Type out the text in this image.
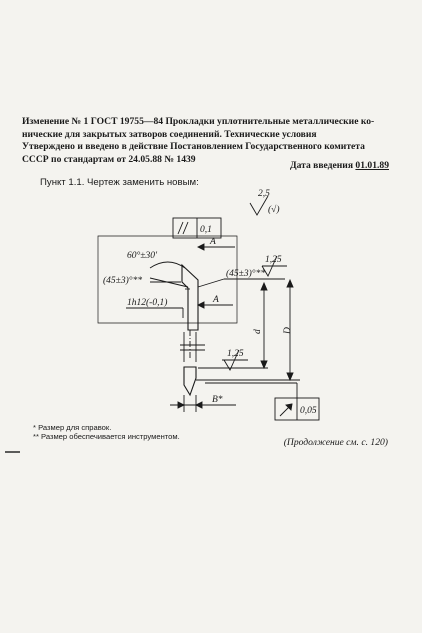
Изменение № 1 ГОСТ 19755—84 Прокладки уплотнительные металлические ко-
нические для закрытых затворов соединений. Технические условия
Утверждено и введено в действие Постановлением Государственного комитета
СССР по стандартам от 24.05.88 № 1439
Дата введения 01.01.89
Пункт 1.1. Чертеж заменить новым:
2,5
(√)
0,1
A
A
60°±30'
(45±3)°**
(45±3)°**
1,25
1h12(-0,1)
d D
1,25
B*
0,05
* Размер для справок.
** Размер обеспечивается инструментом.
(Продолжение см. с. 120)
